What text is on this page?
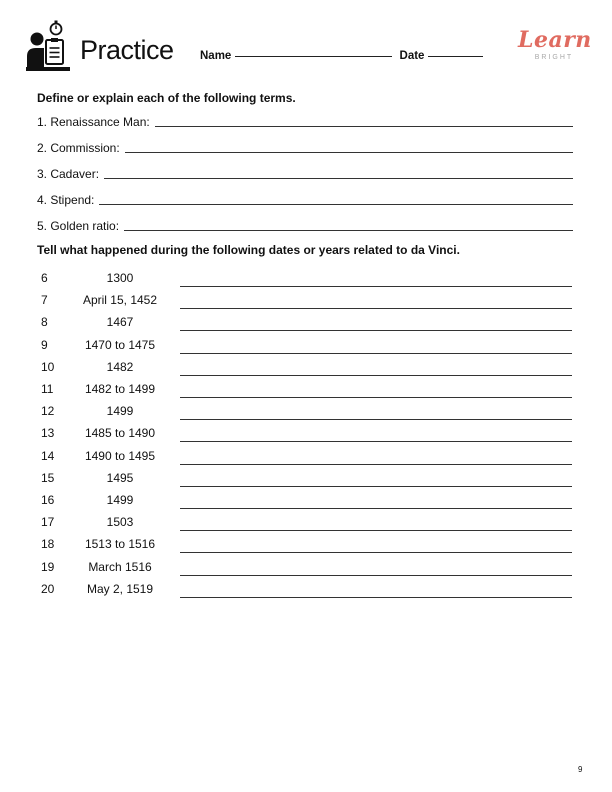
Practice Name	Date
Learn
BRIGHT
Define or explain each of the following terms.
1. Renaissance Man:
2. Commission:
3. Cadaver:
4. Stipend:
5. Golden ratio:
Tell what happened during the following dates or years related to da Vinci.
6	1300
7	April 15, 1452
8	1467
9	1470 to 1475
10	1482
11	1482 to 1499
12	1499
13	1485 to 1490
14	1490 to 1495
15	1495
16	1499
17	1503
18	1513 to 1516
19	March 1516
20	May 2, 1519
9
